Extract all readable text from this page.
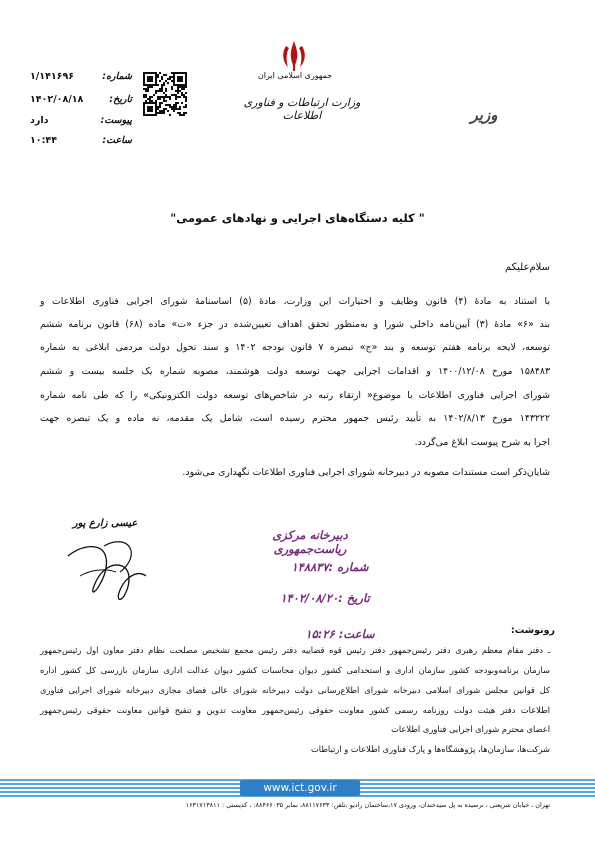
جمهوری اسلامی ایران
وزارت ارتباطات و فناوری اطلاعات	وزیر
شماره:
۱/۱۴۱۶۹۶
تاریخ:
۱۴۰۲/۰۸/۱۸
پیوست:
دارد
ساعت:
۱۰:۴۴
" کلیه دستگاه‌های اجرایی و نهادهای عمومی"
سلام‌علیکم
با استناد به مادۀ (۴) قانون وظایف و اختیارات این وزارت، مادۀ (۵) اساسنامۀ شورای اجرایی فناوری اطلاعات و
بند «۶» مادۀ (۳) آیین‌نامه داخلی شورا و به‌منظور تحقق اهداف تعیین‌شده در جزء «ت» ماده (۶۸) قانون برنامه ششم
توسعه، لایحه برنامه هفتم توسعه و بند «ج» تبصره ۷ قانون بودجه ۱۴۰۲ و سند تحول دولت مردمی ابلاغی به شماره
۱۵۸۴۸۳ مورخ ۱۴۰۰/۱۲/۰۸ و اقدامات اجرایی جهت توسعه دولت هوشمند، مصوبه شماره یک جلسه بیست و ششم
شورای اجرایی فناوری اطلاعات با موضوع« ارتقاء رتبه در شاخص‌های توسعه دولت الکترونیکی» را که طی نامه شماره
۱۴۳۲۲۲ مورخ ۱۴۰۲/۸/۱۳ به تأیید رئیس جمهور محترم رسیده است، شامل یک مقدمه، نه ماده و یک تبصره جهت
اجرا به شرح پیوست ابلاغ می‌گردد.
شایان‌ذکر است مستندات مصوبه در دبیرخانه شورای اجرایی فناوری اطلاعات نگهداری می‌شود.
عیسی زارع پور
دبیرخانه مرکزی ریاست‌جمهوری
شماره :۱۴۸۸۳۷
تاریخ :۱۴۰۲/۰۸/۲۰
ساعت: ۱۵:۲۶	رونوشت:
ـ دفتر مقام معظم رهبری دفتر رئیس‌جمهور دفتر رئیس قوه قضاییه دفتر رئیس مجمع تشخیص مصلحت نظام دفتر معاون اول رئیس‌جمهور
سازمان برنامه‌وبودجه کشور سازمان اداری و استخدامی کشور دیوان محاسبات کشور دیوان عدالت اداری سازمان بازرسی کل کشور اداره
کل قوانین مجلس شورای اسلامی دبیرخانه شورای اطلاع‌رسانی دولت دبیرخانه شورای عالی فضای مجازی دبیرخانه شورای اجرایی فناوری
اطلاعات دفتر هیئت دولت روزنامه رسمی کشور معاونت حقوقی رئیس‌جمهور معاونت تدوین و تنقیح قوانین معاونت حقوقی رئیس‌جمهور
اعضای محترم شورای اجرایی فناوری اطلاعات
شرکت‌ها، سازمان‌ها، پژوهشگاه‌ها و پارک فناوری اطلاعات و ارتباطات
www.ict.gov.ir
تهران ، خیابان شریعتی ، نرسیده به پل سیدخندان، ورودی ۱۷،ساختمان رادیو ،تلفن: ۸۸۱۱۷۶۳۳، نمابر ۸۸۴۶۶۰۳۵: ، کدپستی : ۱۶۳۱۷۱۳۸۱۱
